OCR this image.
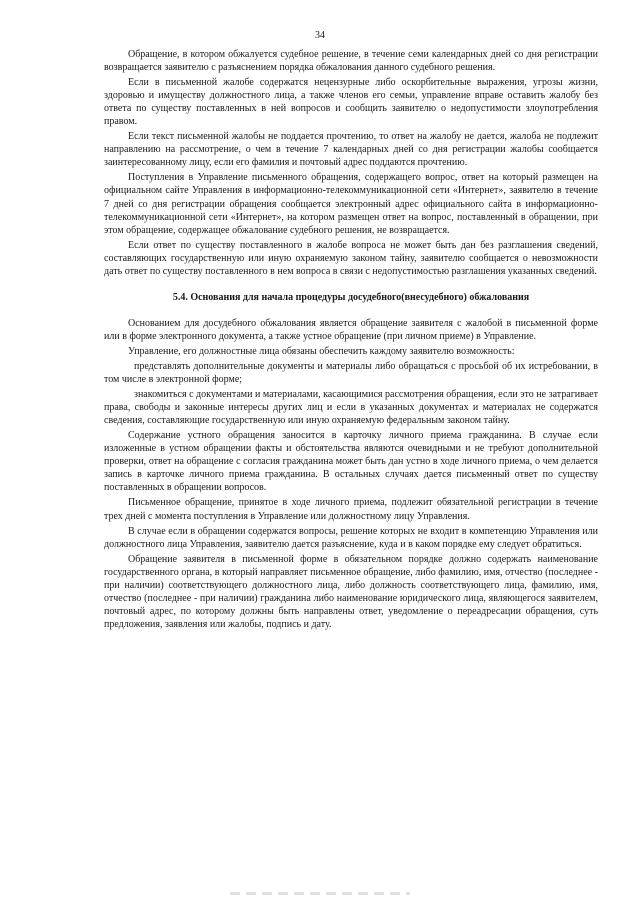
34

Обращение, в котором обжалуется судебное решение, в течение семи календарных дней со дня регистрации возвращается заявителю с разъяснением порядка обжалования данного судебного решения.

Если в письменной жалобе содержатся нецензурные либо оскорбительные выражения, угрозы жизни, здоровью и имуществу должностного лица, а также членов его семьи, управление вправе оставить жалобу без ответа по существу поставленных в ней вопросов и сообщить заявителю о недопустимости злоупотребления правом.

Если текст письменной жалобы не поддается прочтению, то ответ на жалобу не дается, жалоба не подлежит направлению на рассмотрение, о чем в течение 7 календарных дней со дня регистрации жалобы сообщается заинтересованному лицу, если его фамилия и почтовый адрес поддаются прочтению.

Поступления в Управление письменного обращения, содержащего вопрос, ответ на который размещен на официальном сайте Управления в информационно-телекоммуникационной сети «Интернет», заявителю в течение 7 дней со дня регистрации обращения сообщается электронный адрес официального сайта в информационно-телекоммуникационной сети «Интернет», на котором размещен ответ на вопрос, поставленный в обращении, при этом обращение, содержащее обжалование судебного решения, не возвращается.

Если ответ по существу поставленного в жалобе вопроса не может быть дан без разглашения сведений, составляющих государственную или иную охраняемую законом тайну, заявителю сообщается о невозможности дать ответ по существу поставленного в нем вопроса в связи с недопустимостью разглашения указанных сведений.

5.4. Основания для начала процедуры досудебного(внесудебного) обжалования

Основанием для досудебного обжалования является обращение заявителя с жалобой в письменной форме или в форме электронного документа, а также устное обращение (при личном приеме) в Управление.

Управление, его должностные лица обязаны обеспечить каждому заявителю возможность:

представлять дополнительные документы и материалы либо обращаться с просьбой об их истребовании, в том числе в электронной форме;

знакомиться с документами и материалами, касающимися рассмотрения обращения, если это не затрагивает права, свободы и законные интересы других лиц и если в указанных документах и материалах не содержатся сведения, составляющие государственную или иную охраняемую федеральным законом тайну.

Содержание устного обращения заносится в карточку личного приема гражданина. В случае если изложенные в устном обращении факты и обстоятельства являются очевидными и не требуют дополнительной проверки, ответ на обращение с согласия гражданина может быть дан устно в ходе личного приема, о чем делается запись в карточке личного приема гражданина. В остальных случаях дается письменный ответ по существу поставленных в обращении вопросов.

Письменное обращение, принятое в ходе личного приема, подлежит обязательной регистрации в течение трех дней с момента поступления в Управление или должностному лицу Управления.

В случае если в обращении содержатся вопросы, решение которых не входит в компетенцию Управления или должностного лица Управления, заявителю дается разъяснение, куда и в каком порядке ему следует обратиться.

Обращение заявителя в письменной форме в обязательном порядке должно содержать наименование государственного органа, в который направляет письменное обращение, либо фамилию, имя, отчество (последнее - при наличии) соответствующего должностного лица, либо должность соответствующего лица, фамилию, имя, отчество (последнее - при наличии) гражданина либо наименование юридического лица, являющегося заявителем, почтовый адрес, по которому должны быть направлены ответ, уведомление о переадресации обращения, суть предложения, заявления или жалобы, подпись и дату.
